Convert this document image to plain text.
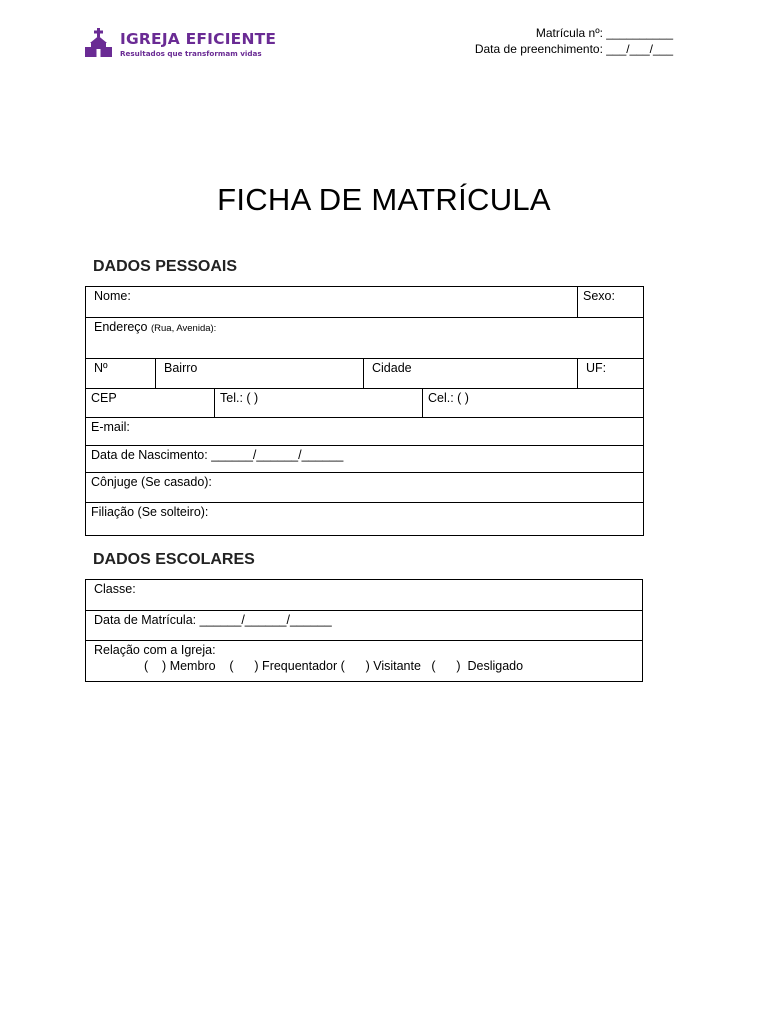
IGREJA EFICIENTE
Resultados que transformam vidas
Matrícula nº: __________
Data de preenchimento: ___/___/___
FICHA DE MATRÍCULA
DADOS PESSOAIS
Nome:					Sexo:
Endereço (Rua, Avenida):					
Nº	Bairro		Cidade		UF:
CEP		Tel.: ( )		Cel.: ( )	
E-mail:					
Data de Nascimento: ______/______/______					
Cônjuge (Se casado):					
Filiação (Se solteiro):					
DADOS ESCOLARES
Classe:
Data de Matrícula: ______/______/______

Relação com a Igreja:
(    ) Membro    (      ) Frequentador (      ) Visitante   (      )  Desligado
